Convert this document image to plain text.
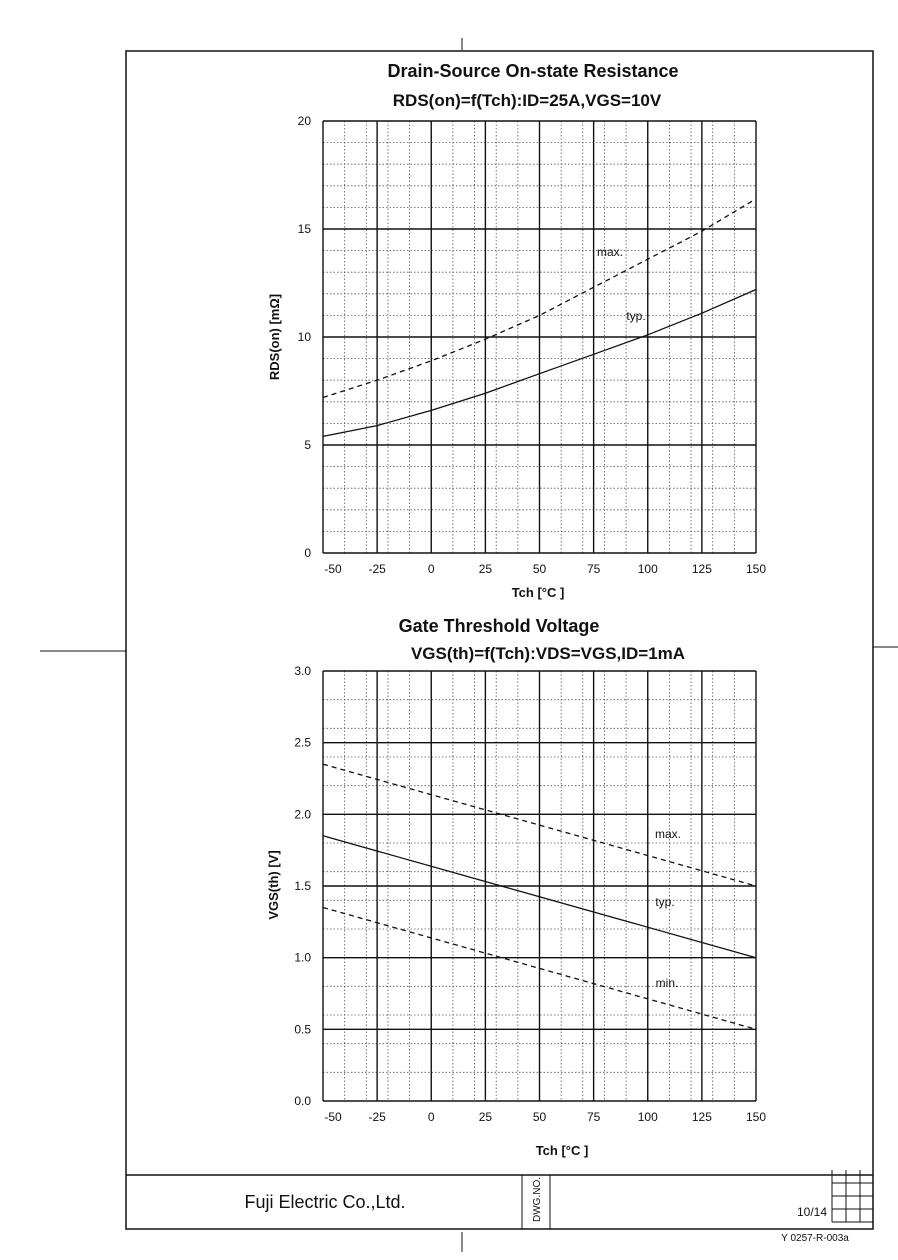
Drain-Source On-state Resistance
RDS(on)=f(Tch):ID=25A,VGS=10V
-50 -25	0	25	50	75	100	125	150
0
5
10
15
20
max.
typ.
Tch [°C ]
RDS(on) [mΩ]
Gate Threshold Voltage
VGS(th)=f(Tch):VDS=VGS,ID=1mA
-50 -25	0	25	50	75	100	125	150
0.0
0.5
1.0
1.5
2.0
2.5
3.0
max.
typ.
min.
Tch [°C ]
VGS(th) [V]
Fuji Electric Co.,Ltd.	DWG.NO.	10/14
Y 0257-R-003a
